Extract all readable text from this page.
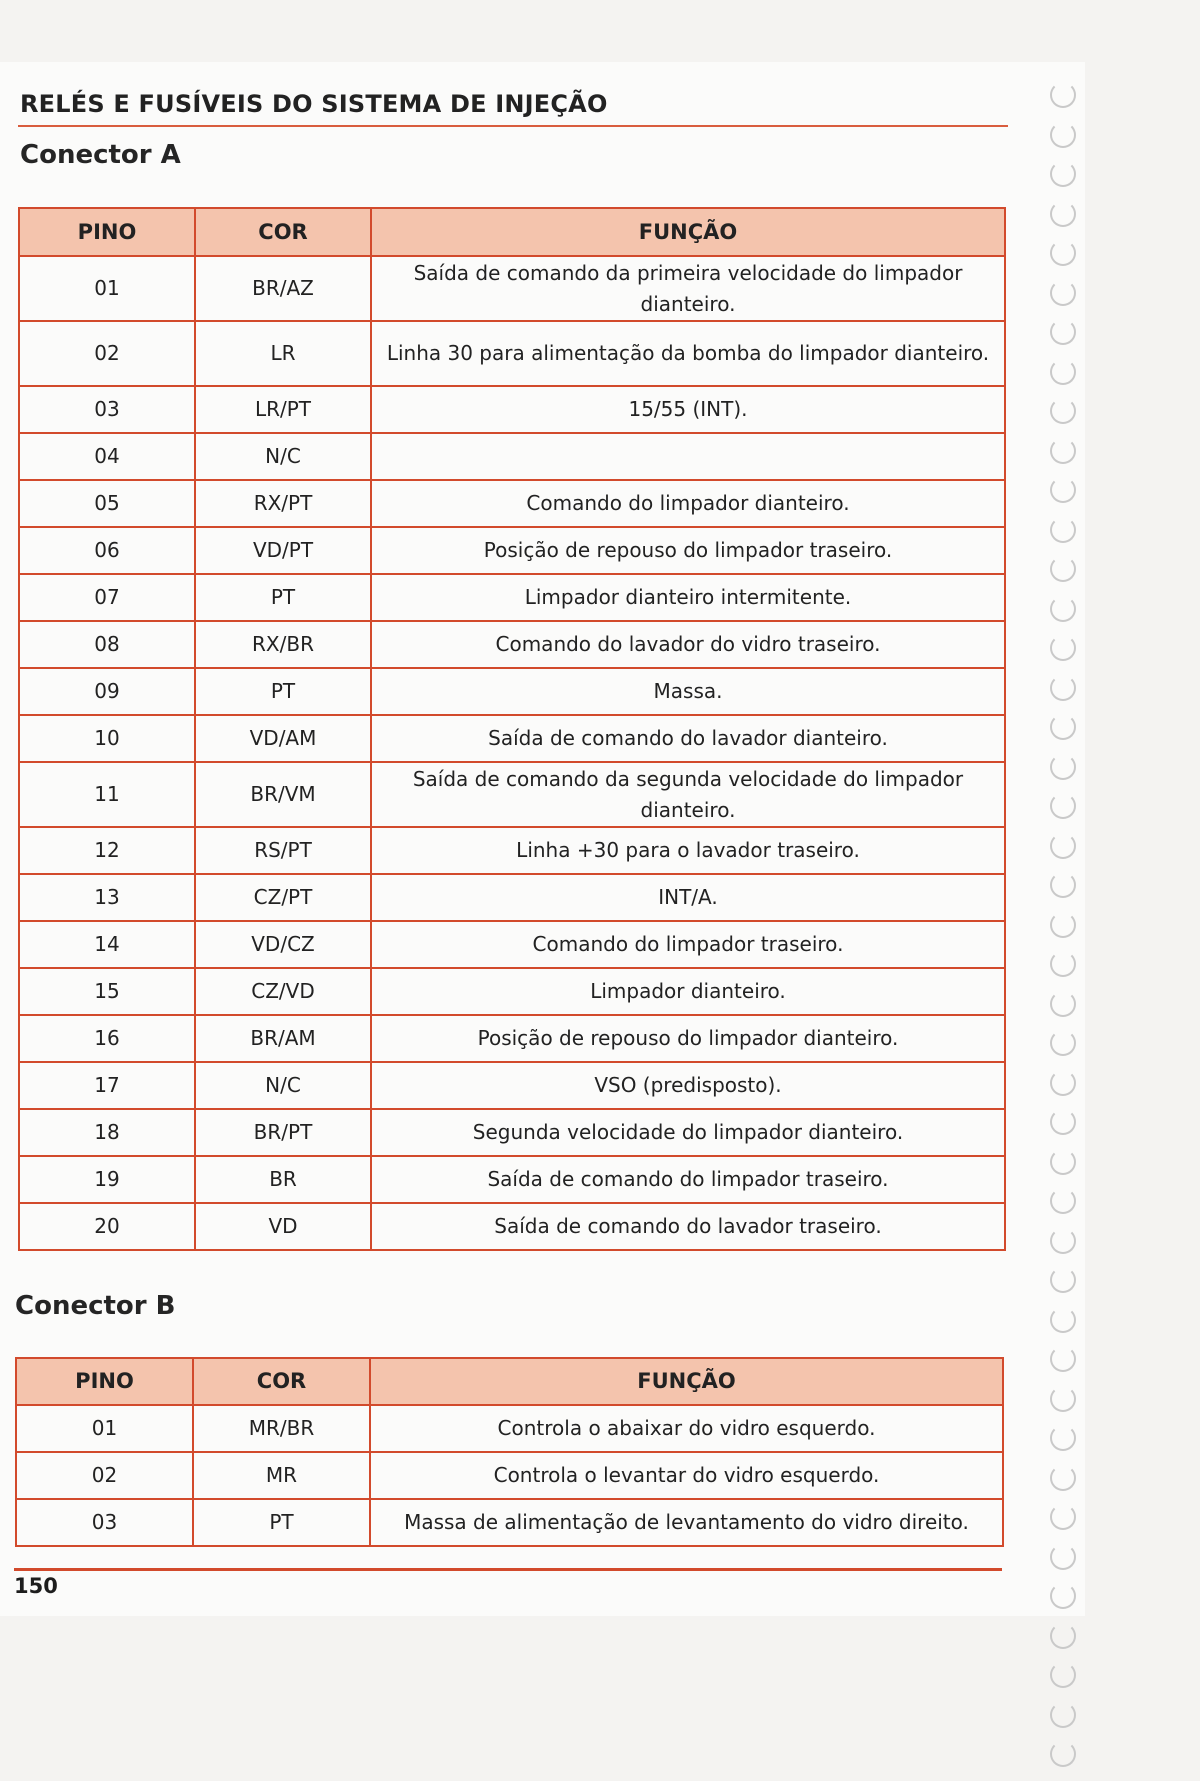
RELÉS E FUSÍVEIS DO SISTEMA DE INJEÇÃO
Conector A
PINO	COR	FUNÇÃO
01	BR/AZ	Saída de comando da primeira velocidade do limpador dianteiro.
02	LR	Linha 30 para alimentação da bomba do limpador dianteiro.
03	LR/PT	15/55 (INT).
04	N/C	
05	RX/PT	Comando do limpador dianteiro.
06	VD/PT	Posição de repouso do limpador traseiro.
07	PT	Limpador dianteiro intermitente.
08	RX/BR	Comando do lavador do vidro traseiro.
09	PT	Massa.
10	VD/AM	Saída de comando do lavador dianteiro.
11	BR/VM	Saída de comando da segunda velocidade do limpador dianteiro.
12	RS/PT	Linha +30 para o lavador traseiro.
13	CZ/PT	INT/A.
14	VD/CZ	Comando do limpador traseiro.
15	CZ/VD	Limpador dianteiro.
16	BR/AM	Posição de repouso do limpador dianteiro.
17	N/C	VSO (predisposto).
18	BR/PT	Segunda velocidade do limpador dianteiro.
19	BR	Saída de comando do limpador traseiro.
20	VD	Saída de comando do lavador traseiro.
Conector B
PINO	COR	FUNÇÃO
01	MR/BR	Controla o abaixar do vidro esquerdo.
02	MR	Controla o levantar do vidro esquerdo.
03	PT	Massa de alimentação de levantamento do vidro direito.
150
